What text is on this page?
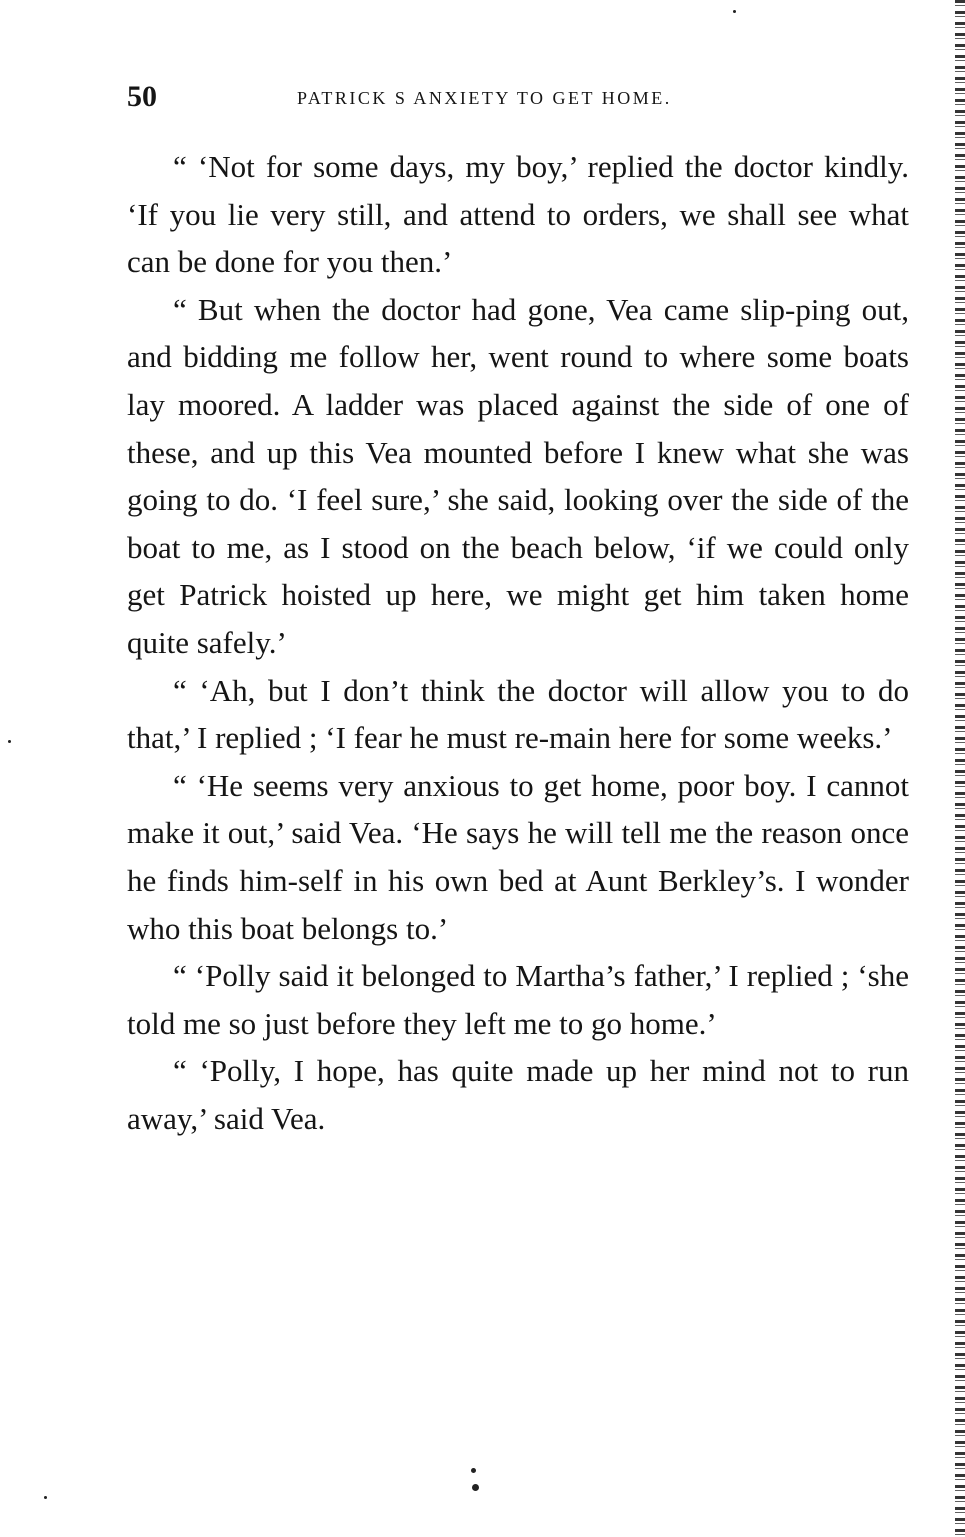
50	PATRICK S ANXIETY TO GET HOME.

“ ‘Not for some days, my boy,’ replied the doctor kindly. ‘If you lie very still, and attend to orders, we shall see what can be done for you then.’

“ But when the doctor had gone, Vea came slip-ping out, and bidding me follow her, went round to where some boats lay moored. A ladder was placed against the side of one of these, and up this Vea mounted before I knew what she was going to do. ‘I feel sure,’ she said, looking over the side of the boat to me, as I stood on the beach below, ‘if we could only get Patrick hoisted up here, we might get him taken home quite safely.’

“ ‘Ah, but I don’t think the doctor will allow you to do that,’ I replied ; ‘I fear he must re-main here for some weeks.’

“ ‘He seems very anxious to get home, poor boy. I cannot make it out,’ said Vea. ‘He says he will tell me the reason once he finds him-self in his own bed at Aunt Berkley’s. I wonder who this boat belongs to.’

“ ‘Polly said it belonged to Martha’s father,’ I replied ; ‘she told me so just before they left me to go home.’

“ ‘Polly, I hope, has quite made up her mind not to run away,’ said Vea.
